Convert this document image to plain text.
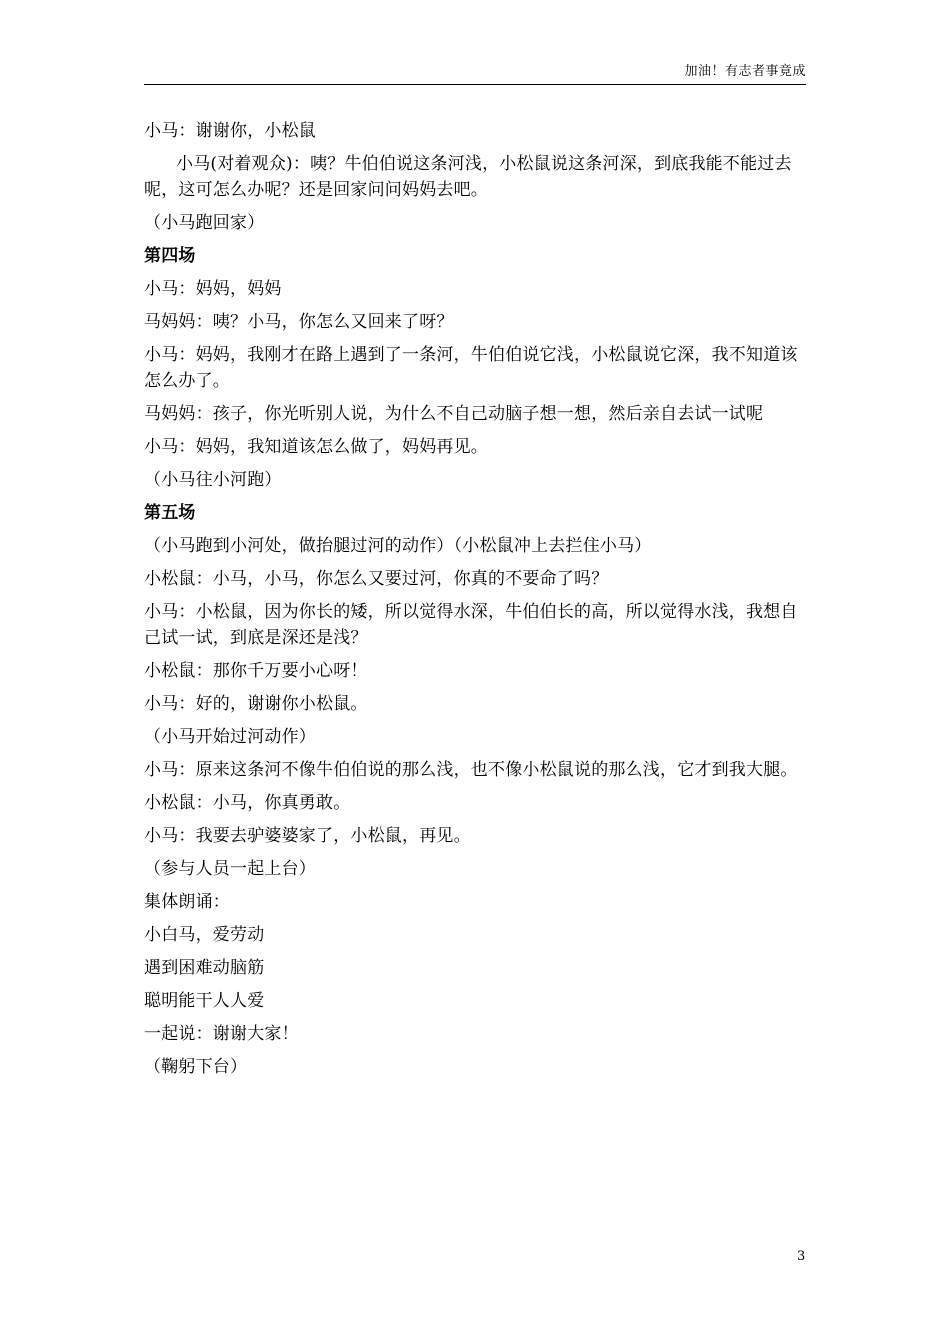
加油！有志者事竟成

小马：谢谢你，小松鼠

小马(对着观众)：咦？牛伯伯说这条河浅，小松鼠说这条河深，到底我能不能过去呢，这可怎么办呢？还是回家问问妈妈去吧。

（小马跑回家）

第四场

小马：妈妈，妈妈

马妈妈：咦？小马，你怎么又回来了呀？

小马：妈妈，我刚才在路上遇到了一条河，牛伯伯说它浅，小松鼠说它深，我不知道该怎么办了。

马妈妈：孩子，你光听别人说，为什么不自己动脑子想一想，然后亲自去试一试呢

小马：妈妈，我知道该怎么做了，妈妈再见。

（小马往小河跑）

第五场

（小马跑到小河处，做抬腿过河的动作）（小松鼠冲上去拦住小马）

小松鼠：小马，小马，你怎么又要过河，你真的不要命了吗？

小马：小松鼠，因为你长的矮，所以觉得水深，牛伯伯长的高，所以觉得水浅，我想自己试一试，到底是深还是浅？

小松鼠：那你千万要小心呀！

小马：好的，谢谢你小松鼠。

（小马开始过河动作）

小马：原来这条河不像牛伯伯说的那么浅，也不像小松鼠说的那么浅，它才到我大腿。

小松鼠：小马，你真勇敢。

小马：我要去驴婆婆家了，小松鼠，再见。

（参与人员一起上台）

集体朗诵：

小白马，爱劳动

遇到困难动脑筋

聪明能干人人爱

一起说：谢谢大家！

（鞠躬下台）

3
